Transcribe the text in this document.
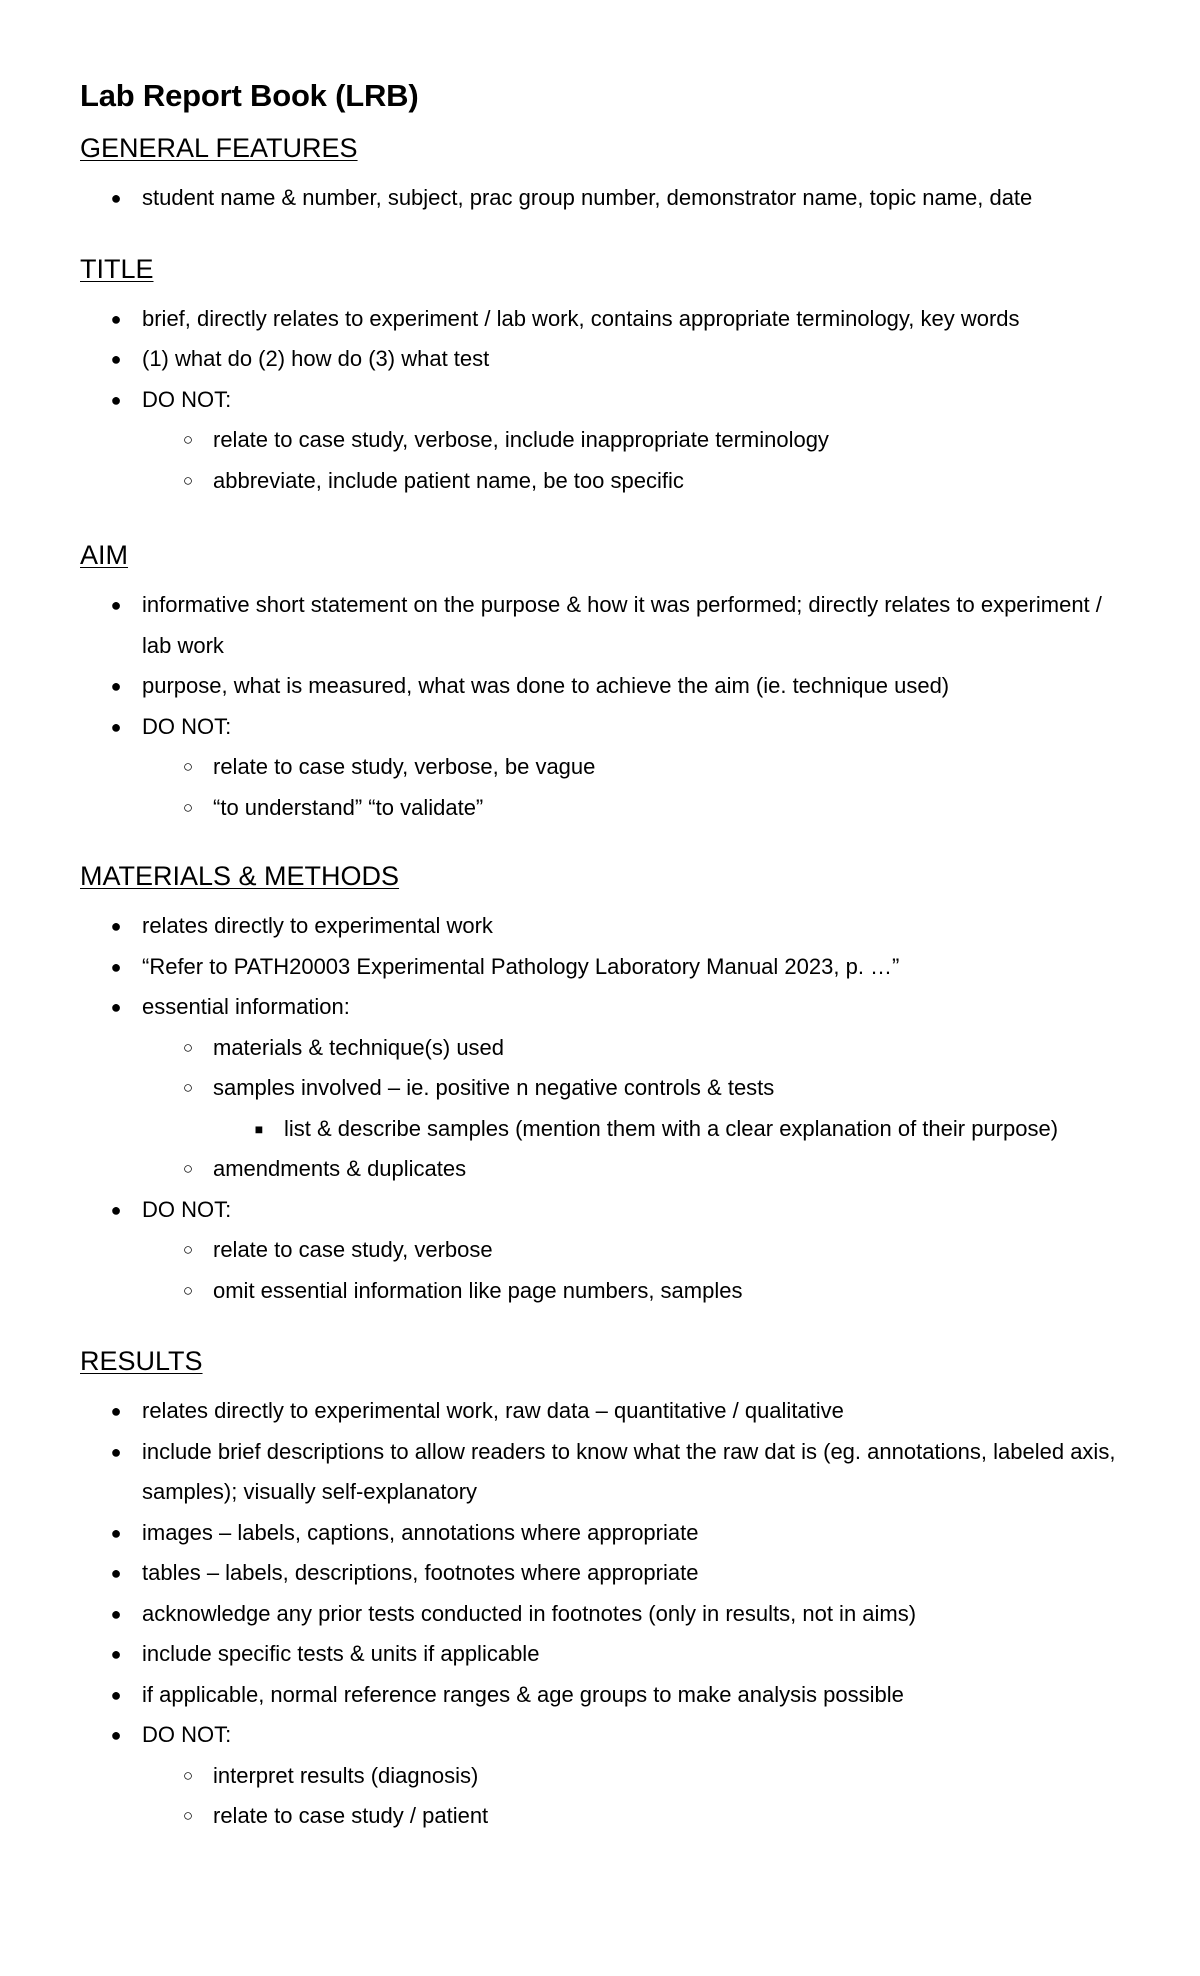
Lab Report Book (LRB)
GENERAL FEATURES
● student name & number, subject, prac group number, demonstrator name, topic name, date
TITLE
● brief, directly relates to experiment / lab work, contains appropriate terminology, key words
● (1) what do (2) how do (3) what test
● DO NOT:
○ relate to case study, verbose, include inappropriate terminology
○ abbreviate, include patient name, be too specific
AIM
● informative short statement on the purpose & how it was performed; directly relates to experiment / lab work
● purpose, what is measured, what was done to achieve the aim (ie. technique used)
● DO NOT:
○ relate to case study, verbose, be vague
○ “to understand” “to validate”
MATERIALS & METHODS
● relates directly to experimental work
● “Refer to PATH20003 Experimental Pathology Laboratory Manual 2023, p. …”
● essential information:
○ materials & technique(s) used
○ samples involved – ie. positive n negative controls & tests
■ list & describe samples (mention them with a clear explanation of their purpose)
○ amendments & duplicates
● DO NOT:
○ relate to case study, verbose
○ omit essential information like page numbers, samples
RESULTS
● relates directly to experimental work, raw data – quantitative / qualitative
● include brief descriptions to allow readers to know what the raw dat is (eg. annotations, labeled axis, samples); visually self-explanatory
● images – labels, captions, annotations where appropriate
● tables – labels, descriptions, footnotes where appropriate
● acknowledge any prior tests conducted in footnotes (only in results, not in aims)
● include specific tests & units if applicable
● if applicable, normal reference ranges & age groups to make analysis possible
● DO NOT:
○ interpret results (diagnosis)
○ relate to case study / patient
